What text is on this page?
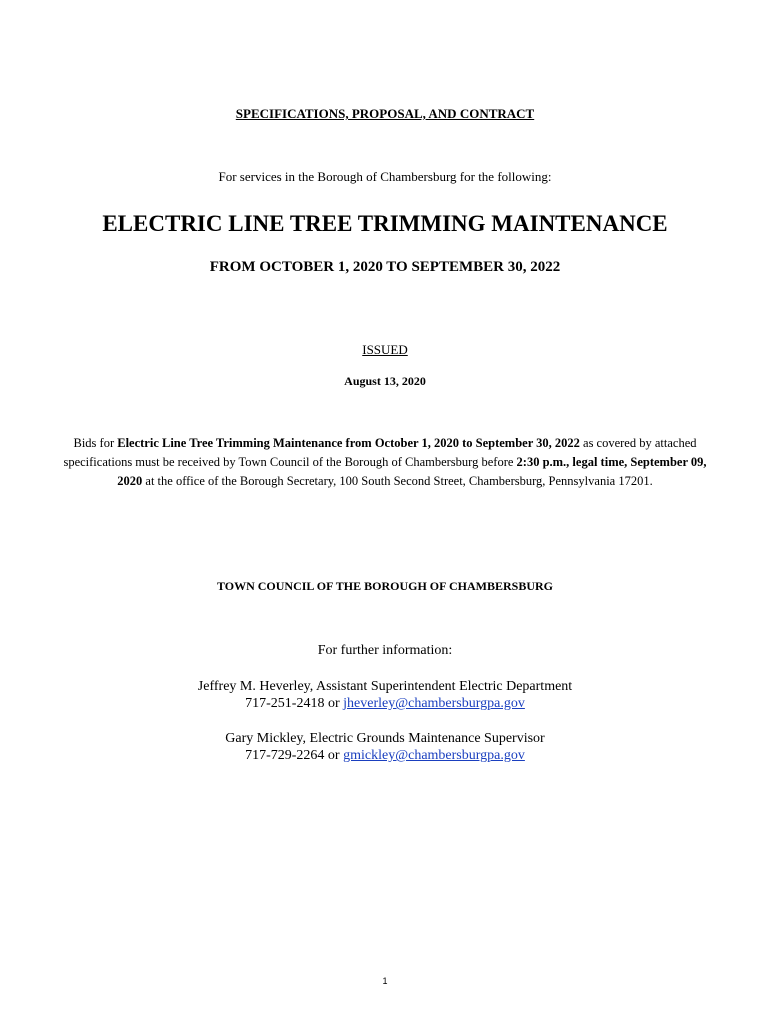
SPECIFICATIONS, PROPOSAL, AND CONTRACT
For services in the Borough of Chambersburg for the following:
ELECTRIC LINE TREE TRIMMING MAINTENANCE
FROM OCTOBER 1, 2020 TO SEPTEMBER 30, 2022
ISSUED
August 13, 2020
Bids for Electric Line Tree Trimming Maintenance from October 1, 2020 to September 30, 2022 as covered by attached specifications must be received by Town Council of the Borough of Chambersburg before 2:30 p.m., legal time, September 09, 2020 at the office of the Borough Secretary, 100 South Second Street, Chambersburg, Pennsylvania 17201.
TOWN COUNCIL OF THE BOROUGH OF CHAMBERSBURG
For further information:
Jeffrey M. Heverley, Assistant Superintendent Electric Department
717-251-2418 or jheverley@chambersburgpa.gov
Gary Mickley, Electric Grounds Maintenance Supervisor
717-729-2264 or gmickley@chambersburgpa.gov
1
